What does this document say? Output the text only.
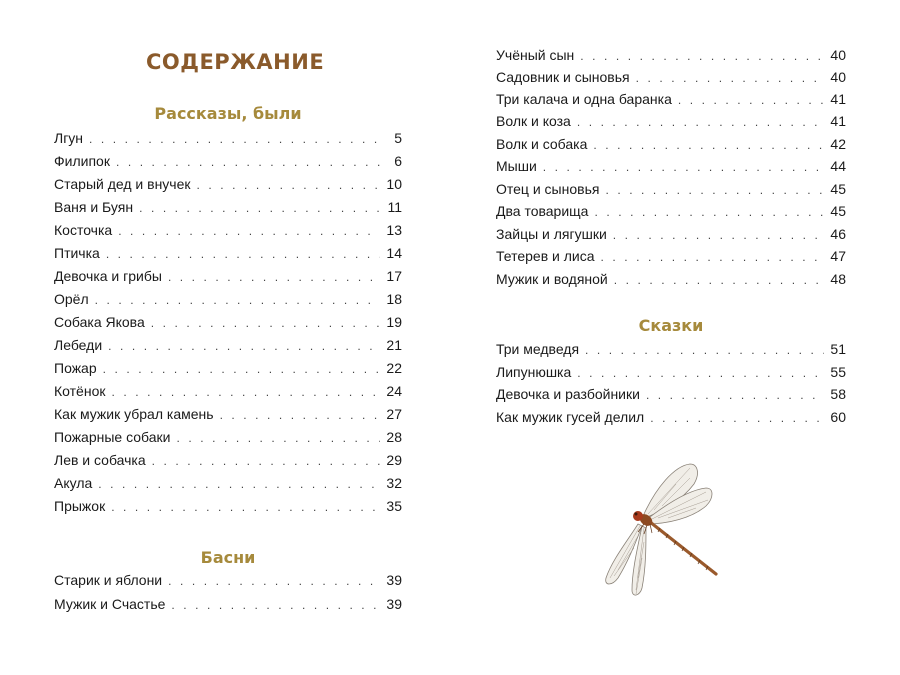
СОДЕРЖАНИЕ
Рассказы, были
Лгун . . .	5
Филипок . . .	6
Старый дед и внучек . . .	10
Ваня и Буян . . .	11
Косточка . . .	13
Птичка . . .	14
Девочка и грибы . . .	17
Орёл . . .	18
Собака Якова . . .	19
Лебеди . . .	21
Пожар . . .	22
Котёнок . . .	24
Как мужик убрал камень . . .	27
Пожарные собаки . . .	28
Лев и собачка . . .	29
Акула . . .	32
Прыжок . . .	35
Басни
Старик и яблони . . .	39
Мужик и Счастье . . .	39
Учёный сын . . .	40
Садовник и сыновья . . .	40
Три калача и одна баранка . . .	41
Волк и коза . . .	41
Волк и собака . . .	42
Мыши . . .	44
Отец и сыновья . . .	45
Два товарища . . .	45
Зайцы и лягушки . . .	46
Тетерев и лиса . . .	47
Мужик и водяной . . .	48
Сказки
Три медведя . . .	51
Липунюшка . . .	55
Девочка и разбойники . . .	58
Как мужик гусей делил . . .	60
